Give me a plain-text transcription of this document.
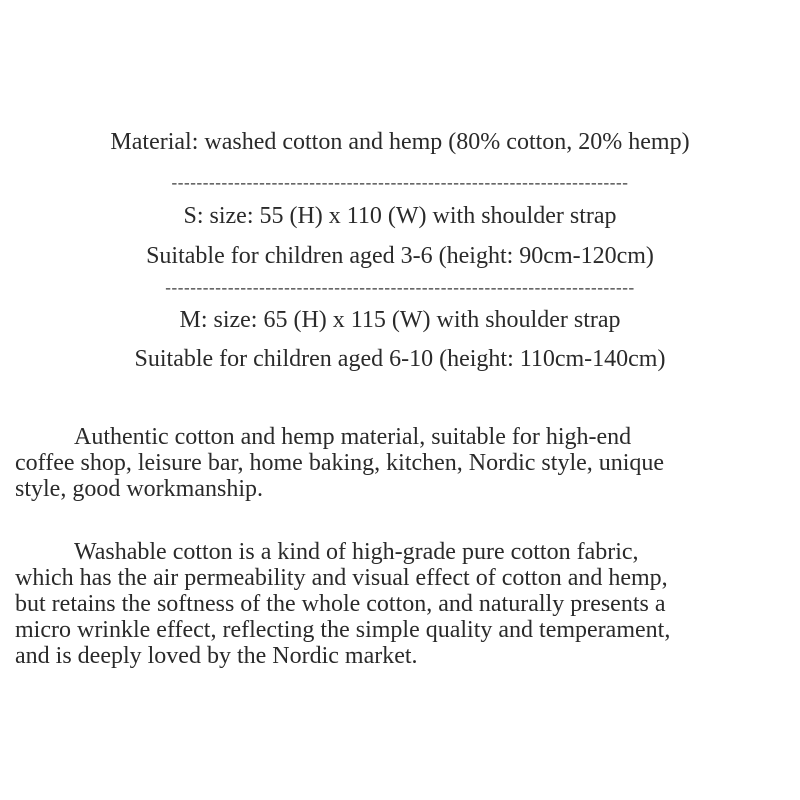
Material: washed cotton and hemp (80% cotton, 20% hemp)
-------------------------------------------------------------------------
S: size: 55 (H) x 110 (W) with shoulder strap
Suitable for children aged 3-6 (height: 90cm-120cm)
---------------------------------------------------------------------------
M: size: 65 (H) x 115 (W) with shoulder strap
Suitable for children aged 6-10 (height: 110cm-140cm)
Authentic cotton and hemp material, suitable for high-end
coffee shop, leisure bar, home baking, kitchen, Nordic style, unique
style, good workmanship.
Washable cotton is a kind of high-grade pure cotton fabric,
which has the air permeability and visual effect of cotton and hemp,
but retains the softness of the whole cotton, and naturally presents a
micro wrinkle effect, reflecting the simple quality and temperament,
and is deeply loved by the Nordic market.
